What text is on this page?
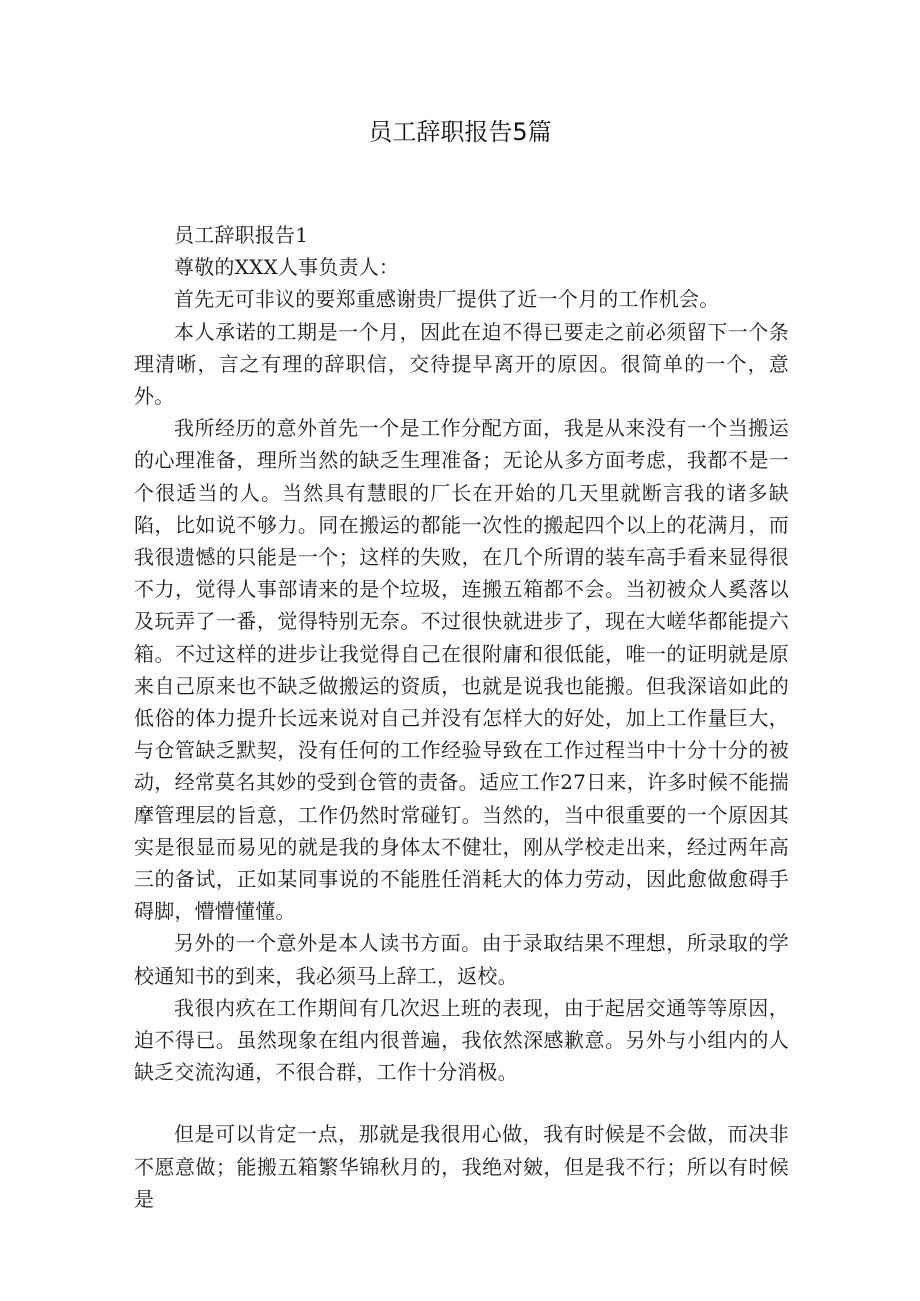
员工辞职报告5篇

员工辞职报告1

尊敬的XXX人事负责人：

首先无可非议的要郑重感谢贵厂提供了近一个月的工作机会。

本人承诺的工期是一个月，因此在迫不得已要走之前必须留下一个条理清晰，言之有理的辞职信，交待提早离开的原因。很简单的一个，意外。

我所经历的意外首先一个是工作分配方面，我是从来没有一个当搬运的心理准备，理所当然的缺乏生理准备；无论从多方面考虑，我都不是一个很适当的人。当然具有慧眼的厂长在开始的几天里就断言我的诸多缺陷，比如说不够力。同在搬运的都能一次性的搬起四个以上的花满月，而我很遗憾的只能是一个；这样的失败，在几个所谓的装车高手看来显得很不力，觉得人事部请来的是个垃圾，连搬五箱都不会。当初被众人奚落以及玩弄了一番，觉得特别无奈。不过很快就进步了，现在大嵯华都能提六箱。不过这样的进步让我觉得自己在很附庸和很低能，唯一的证明就是原来自己原来也不缺乏做搬运的资质，也就是说我也能搬。但我深谙如此的低俗的体力提升长远来说对自己并没有怎样大的好处，加上工作量巨大，与仓管缺乏默契，没有任何的工作经验导致在工作过程当中十分十分的被动，经常莫名其妙的受到仓管的责备。适应工作27日来，许多时候不能揣摩管理层的旨意，工作仍然时常碰钉。当然的，当中很重要的一个原因其实是很显而易见的就是我的身体太不健壮，刚从学校走出来，经过两年高三的备试，正如某同事说的不能胜任消耗大的体力劳动，因此愈做愈碍手碍脚，懵懵懂懂。

另外的一个意外是本人读书方面。由于录取结果不理想，所录取的学校通知书的到来，我必须马上辞工，返校。

我很内疚在工作期间有几次迟上班的表现，由于起居交通等等原因，迫不得已。虽然现象在组内很普遍，我依然深感歉意。另外与小组内的人缺乏交流沟通，不很合群，工作十分消极。

但是可以肯定一点，那就是我很用心做，我有时候是不会做，而决非不愿意做；能搬五箱繁华锦秋月的，我绝对皴，但是我不行；所以有时候是
